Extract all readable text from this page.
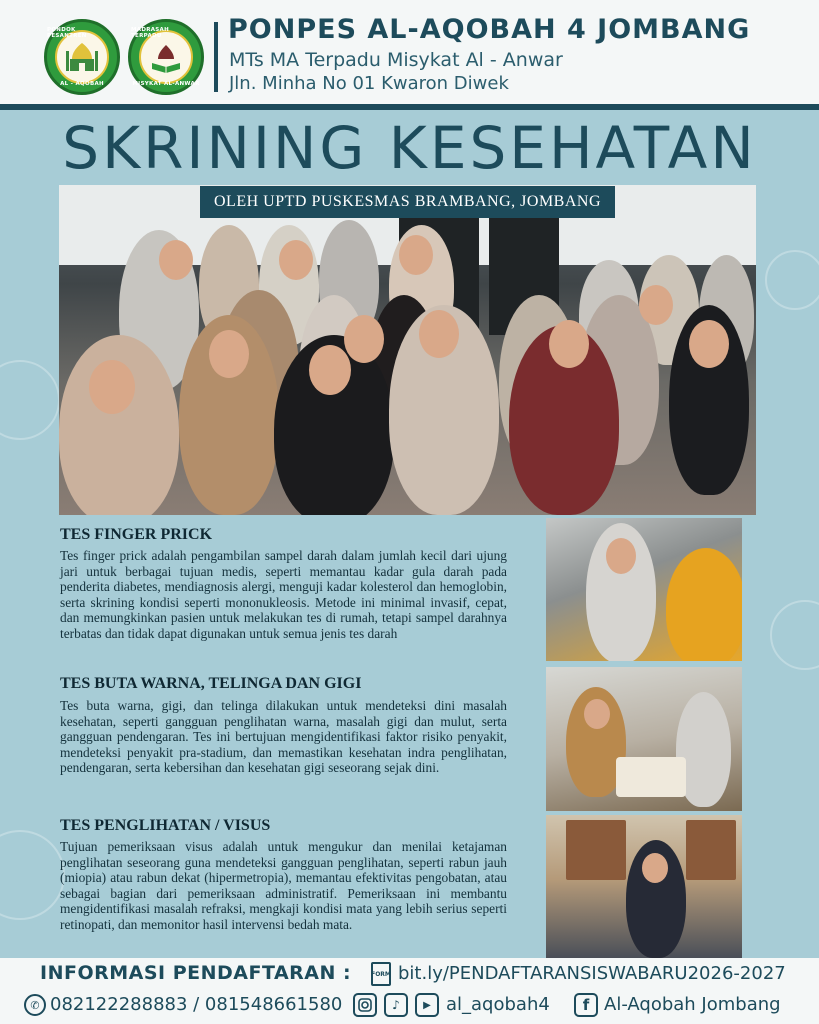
PONDOK PESANTREN
AL - AQOBAH
MADRASAH TERPADU
MISYKAT AL-ANWAR
PONPES AL-AQOBAH 4 JOMBANG
MTs MA Terpadu Misykat Al - Anwar
Jln. Minha No 01 Kwaron Diwek
SKRINING KESEHATAN
OLEH UPTD PUSKESMAS BRAMBANG, JOMBANG
TES FINGER PRICK
Tes finger prick adalah pengambilan sampel darah dalam jumlah kecil dari ujung jari untuk berbagai tujuan medis, seperti memantau kadar gula darah pada penderita diabetes, mendiagnosis alergi, menguji kadar kolesterol dan hemoglobin, serta skrining kondisi seperti mononukleosis. Metode ini minimal invasif, cepat, dan memungkinkan pasien untuk melakukan tes di rumah, tetapi sampel darahnya terbatas dan tidak dapat digunakan untuk semua jenis tes darah
TES BUTA WARNA, TELINGA DAN GIGI
Tes buta warna, gigi, dan telinga dilakukan untuk mendeteksi dini masalah kesehatan, seperti gangguan penglihatan warna, masalah gigi dan mulut, serta gangguan pendengaran. Tes ini bertujuan mengidentifikasi faktor risiko penyakit, mendeteksi penyakit pra-stadium, dan memastikan kesehatan indra penglihatan, pendengaran, serta kebersihan dan kesehatan gigi seseorang sejak dini.
TES PENGLIHATAN / VISUS
Tujuan pemeriksaan visus adalah untuk mengukur dan menilai ketajaman penglihatan seseorang guna mendeteksi gangguan penglihatan, seperti rabun jauh (miopia) atau rabun dekat (hipermetropia), memantau efektivitas pengobatan, atau sebagai bagian dari pemeriksaan administratif. Pemeriksaan ini membantu mengidentifikasi masalah refraksi, mengkaji kondisi mata yang lebih serius seperti retinopati, dan memonitor hasil intervensi bedah mata.
INFORMASI PENDAFTARAN :	FORM bit.ly/PENDAFTARANSISWABARU2026-2027
✆ 082122288883 / 081548661580	♪	▶ al_aqobah4	f Al-Aqobah Jombang
